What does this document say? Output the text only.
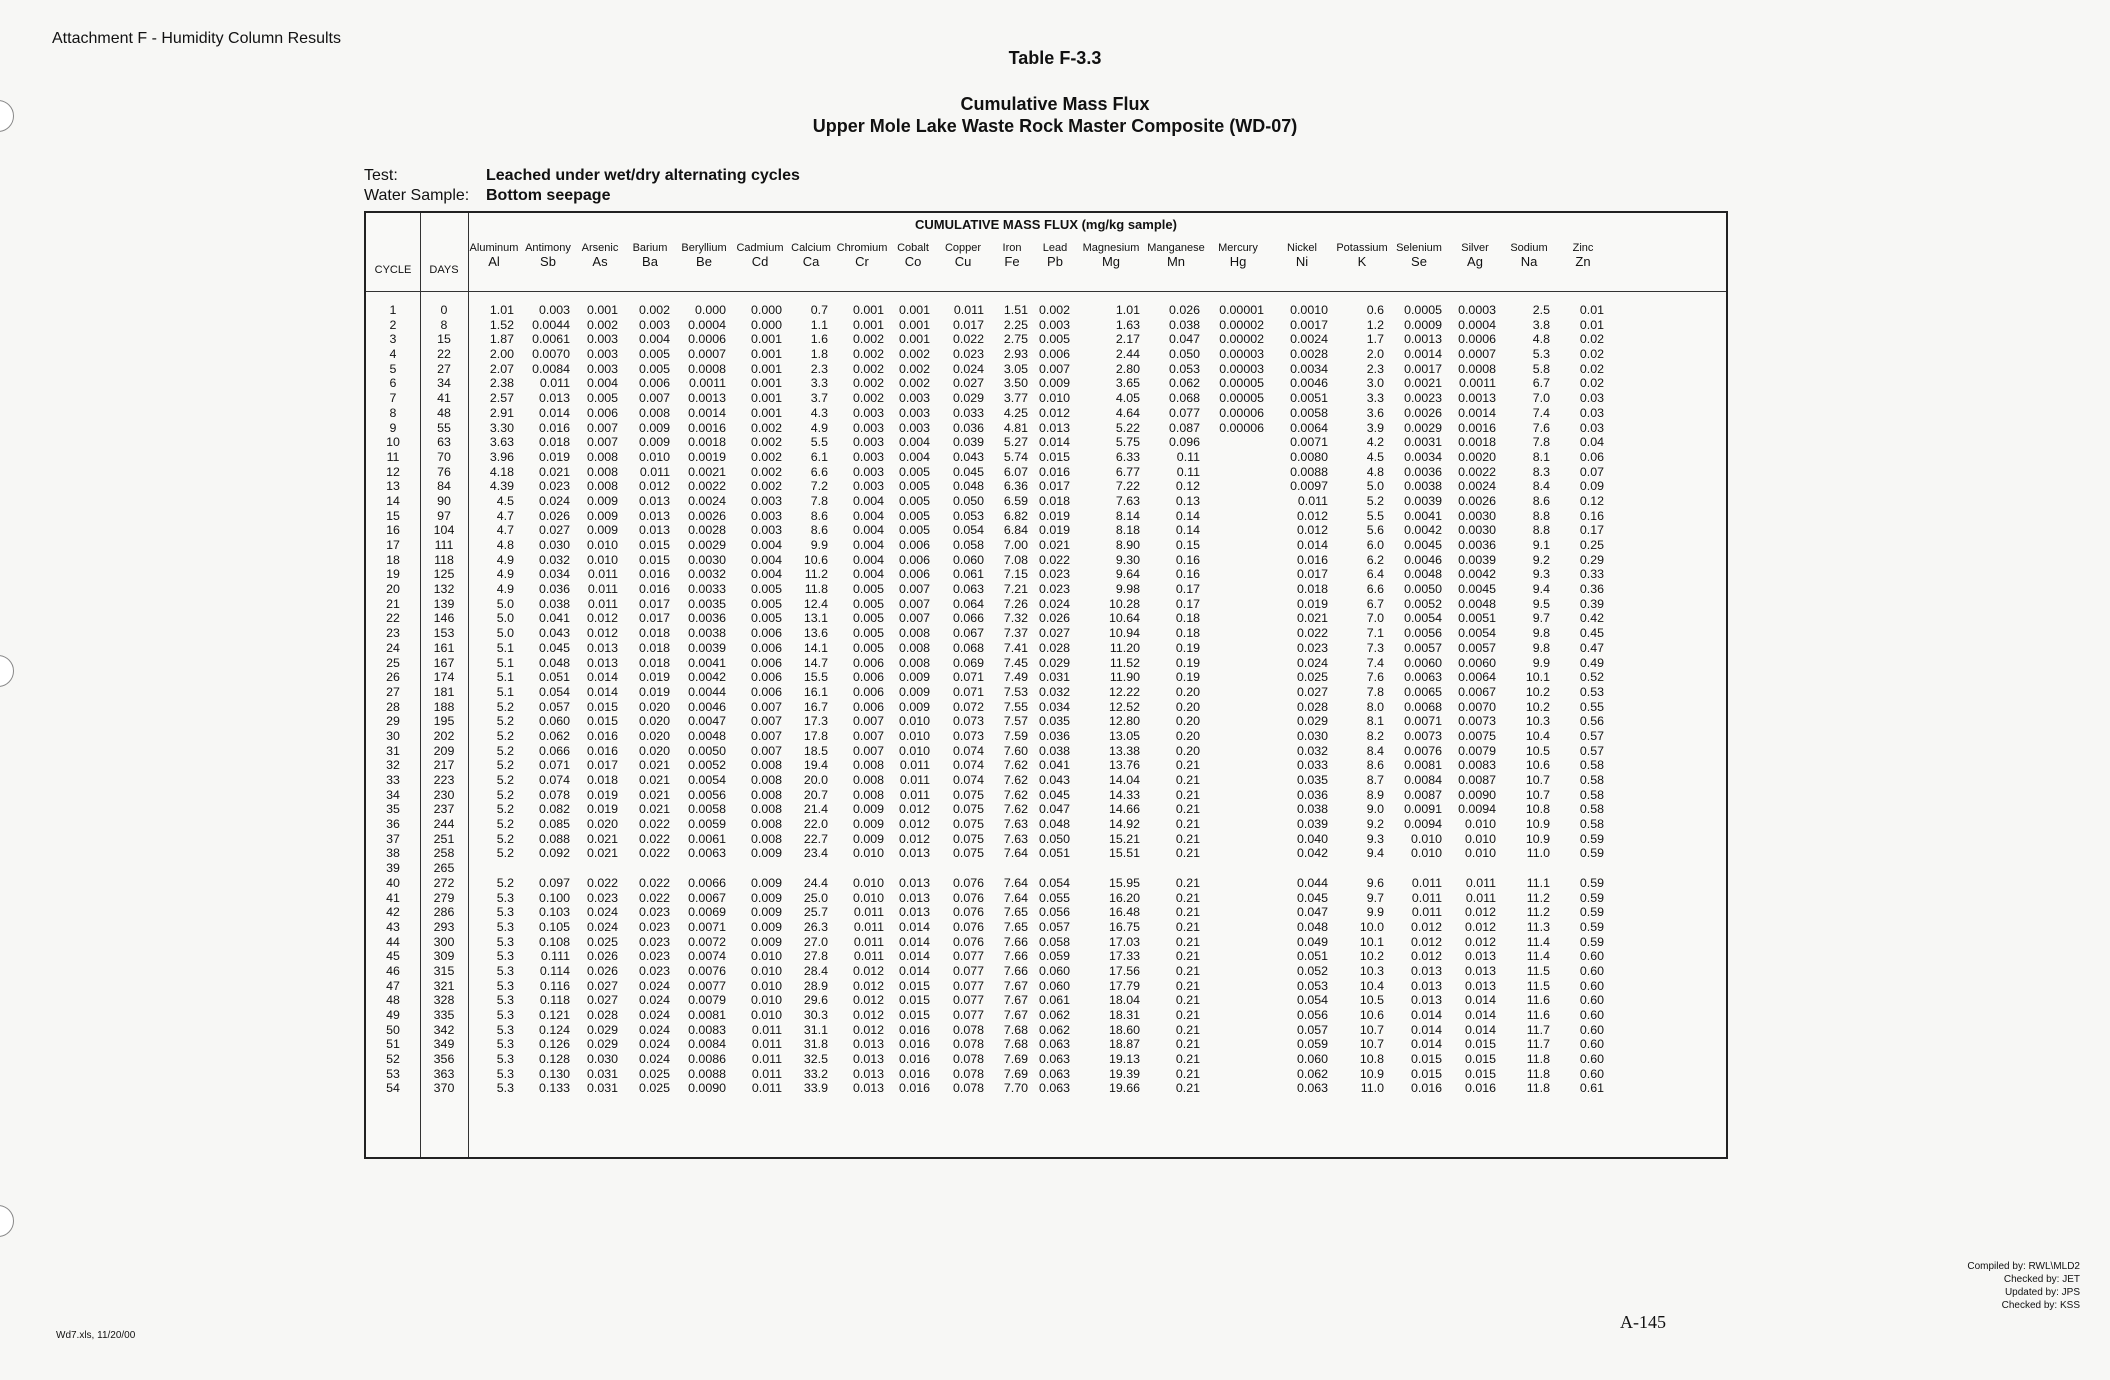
Attachment F - Humidity Column Results
Table F-3.3
Cumulative Mass Flux
Upper Mole Lake Waste Rock Master Composite (WD-07)
Test:	Leached under wet/dry alternating cycles
Water Sample: Bottom seepage
CUMULATIVE MASS FLUX (mg/kg sample)
CYCLE
1
2
3
4
5
6
7
8
9
10
11
12
13
14
15
16
17
18
19
20
21
22
23
24
25
26
27
28
29
30
31
32
33
34
35
36
37
38
39
40
41
42
43
44
45
46
47
48
49
50
51
52
53
54
DAYS
0
8
15
22
27
34
41
48
55
63
70
76
84
90
97
104
111
118
125
132
139
146
153
161
167
174
181
188
195
202
209
217
223
230
237
244
251
258
265
272
279
286
293
300
309
315
321
328
335
342
349
356
363
370
Aluminum
Al
1.01
1.52
1.87
2.00
2.07
2.38
2.57
2.91
3.30
3.63
3.96
4.18
4.39
4.5
4.7
4.7
4.8
4.9
4.9
4.9
5.0
5.0
5.0
5.1
5.1
5.1
5.1
5.2
5.2
5.2
5.2
5.2
5.2
5.2
5.2
5.2
5.2
5.2
5.2
5.3
5.3
5.3
5.3
5.3
5.3
5.3
5.3
5.3
5.3
5.3
5.3
5.3
5.3
Antimony
Sb
0.003
0.0044
0.0061
0.0070
0.0084
0.011
0.013
0.014
0.016
0.018
0.019
0.021
0.023
0.024
0.026
0.027
0.030
0.032
0.034
0.036
0.038
0.041
0.043
0.045
0.048
0.051
0.054
0.057
0.060
0.062
0.066
0.071
0.074
0.078
0.082
0.085
0.088
0.092
0.097
0.100
0.103
0.105
0.108
0.111
0.114
0.116
0.118
0.121
0.124
0.126
0.128
0.130
0.133
Arsenic
As
0.001
0.002
0.003
0.003
0.003
0.004
0.005
0.006
0.007
0.007
0.008
0.008
0.008
0.009
0.009
0.009
0.010
0.010
0.011
0.011
0.011
0.012
0.012
0.013
0.013
0.014
0.014
0.015
0.015
0.016
0.016
0.017
0.018
0.019
0.019
0.020
0.021
0.021
0.022
0.023
0.024
0.024
0.025
0.026
0.026
0.027
0.027
0.028
0.029
0.029
0.030
0.031
0.031
Barium
Ba
0.002
0.003
0.004
0.005
0.005
0.006
0.007
0.008
0.009
0.009
0.010
0.011
0.012
0.013
0.013
0.013
0.015
0.015
0.016
0.016
0.017
0.017
0.018
0.018
0.018
0.019
0.019
0.020
0.020
0.020
0.020
0.021
0.021
0.021
0.021
0.022
0.022
0.022
0.022
0.022
0.023
0.023
0.023
0.023
0.023
0.024
0.024
0.024
0.024
0.024
0.024
0.025
0.025
Beryllium
Be
0.000
0.0004
0.0006
0.0007
0.0008
0.0011
0.0013
0.0014
0.0016
0.0018
0.0019
0.0021
0.0022
0.0024
0.0026
0.0028
0.0029
0.0030
0.0032
0.0033
0.0035
0.0036
0.0038
0.0039
0.0041
0.0042
0.0044
0.0046
0.0047
0.0048
0.0050
0.0052
0.0054
0.0056
0.0058
0.0059
0.0061
0.0063
0.0066
0.0067
0.0069
0.0071
0.0072
0.0074
0.0076
0.0077
0.0079
0.0081
0.0083
0.0084
0.0086
0.0088
0.0090
Cadmium
Cd
0.000
0.000
0.001
0.001
0.001
0.001
0.001
0.001
0.002
0.002
0.002
0.002
0.002
0.003
0.003
0.003
0.004
0.004
0.004
0.005
0.005
0.005
0.006
0.006
0.006
0.006
0.006
0.007
0.007
0.007
0.007
0.008
0.008
0.008
0.008
0.008
0.008
0.009
0.009
0.009
0.009
0.009
0.009
0.010
0.010
0.010
0.010
0.010
0.011
0.011
0.011
0.011
0.011
Calcium
Ca
0.7
1.1
1.6
1.8
2.3
3.3
3.7
4.3
4.9
5.5
6.1
6.6
7.2
7.8
8.6
8.6
9.9
10.6
11.2
11.8
12.4
13.1
13.6
14.1
14.7
15.5
16.1
16.7
17.3
17.8
18.5
19.4
20.0
20.7
21.4
22.0
22.7
23.4
24.4
25.0
25.7
26.3
27.0
27.8
28.4
28.9
29.6
30.3
31.1
31.8
32.5
33.2
33.9
Chromium
Cr
0.001
0.001
0.002
0.002
0.002
0.002
0.002
0.003
0.003
0.003
0.003
0.003
0.003
0.004
0.004
0.004
0.004
0.004
0.004
0.005
0.005
0.005
0.005
0.005
0.006
0.006
0.006
0.006
0.007
0.007
0.007
0.008
0.008
0.008
0.009
0.009
0.009
0.010
0.010
0.010
0.011
0.011
0.011
0.011
0.012
0.012
0.012
0.012
0.012
0.013
0.013
0.013
0.013
Cobalt
Co
0.001
0.001
0.001
0.002
0.002
0.002
0.003
0.003
0.003
0.004
0.004
0.005
0.005
0.005
0.005
0.005
0.006
0.006
0.006
0.007
0.007
0.007
0.008
0.008
0.008
0.009
0.009
0.009
0.010
0.010
0.010
0.011
0.011
0.011
0.012
0.012
0.012
0.013
0.013
0.013
0.013
0.014
0.014
0.014
0.014
0.015
0.015
0.015
0.016
0.016
0.016
0.016
0.016
Copper
Cu
0.011
0.017
0.022
0.023
0.024
0.027
0.029
0.033
0.036
0.039
0.043
0.045
0.048
0.050
0.053
0.054
0.058
0.060
0.061
0.063
0.064
0.066
0.067
0.068
0.069
0.071
0.071
0.072
0.073
0.073
0.074
0.074
0.074
0.075
0.075
0.075
0.075
0.075
0.076
0.076
0.076
0.076
0.076
0.077
0.077
0.077
0.077
0.077
0.078
0.078
0.078
0.078
0.078
Iron
Fe
1.51
2.25
2.75
2.93
3.05
3.50
3.77
4.25
4.81
5.27
5.74
6.07
6.36
6.59
6.82
6.84
7.00
7.08
7.15
7.21
7.26
7.32
7.37
7.41
7.45
7.49
7.53
7.55
7.57
7.59
7.60
7.62
7.62
7.62
7.62
7.63
7.63
7.64
7.64
7.64
7.65
7.65
7.66
7.66
7.66
7.67
7.67
7.67
7.68
7.68
7.69
7.69
7.70
Lead
Pb
0.002
0.003
0.005
0.006
0.007
0.009
0.010
0.012
0.013
0.014
0.015
0.016
0.017
0.018
0.019
0.019
0.021
0.022
0.023
0.023
0.024
0.026
0.027
0.028
0.029
0.031
0.032
0.034
0.035
0.036
0.038
0.041
0.043
0.045
0.047
0.048
0.050
0.051
0.054
0.055
0.056
0.057
0.058
0.059
0.060
0.060
0.061
0.062
0.062
0.063
0.063
0.063
0.063
Magnesium
Mg
1.01
1.63
2.17
2.44
2.80
3.65
4.05
4.64
5.22
5.75
6.33
6.77
7.22
7.63
8.14
8.18
8.90
9.30
9.64
9.98
10.28
10.64
10.94
11.20
11.52
11.90
12.22
12.52
12.80
13.05
13.38
13.76
14.04
14.33
14.66
14.92
15.21
15.51
15.95
16.20
16.48
16.75
17.03
17.33
17.56
17.79
18.04
18.31
18.60
18.87
19.13
19.39
19.66
Manganese
Mn
0.026
0.038
0.047
0.050
0.053
0.062
0.068
0.077
0.087
0.096
0.11
0.11
0.12
0.13
0.14
0.14
0.15
0.16
0.16
0.17
0.17
0.18
0.18
0.19
0.19
0.19
0.20
0.20
0.20
0.20
0.20
0.21
0.21
0.21
0.21
0.21
0.21
0.21
0.21
0.21
0.21
0.21
0.21
0.21
0.21
0.21
0.21
0.21
0.21
0.21
0.21
0.21
0.21
Mercury
Hg
0.00001
0.00002
0.00002
0.00003
0.00003
0.00005
0.00005
0.00006
0.00006
Nickel
Ni
0.0010
0.0017
0.0024
0.0028
0.0034
0.0046
0.0051
0.0058
0.0064
0.0071
0.0080
0.0088
0.0097
0.011
0.012
0.012
0.014
0.016
0.017
0.018
0.019
0.021
0.022
0.023
0.024
0.025
0.027
0.028
0.029
0.030
0.032
0.033
0.035
0.036
0.038
0.039
0.040
0.042
0.044
0.045
0.047
0.048
0.049
0.051
0.052
0.053
0.054
0.056
0.057
0.059
0.060
0.062
0.063
Potassium
K
0.6
1.2
1.7
2.0
2.3
3.0
3.3
3.6
3.9
4.2
4.5
4.8
5.0
5.2
5.5
5.6
6.0
6.2
6.4
6.6
6.7
7.0
7.1
7.3
7.4
7.6
7.8
8.0
8.1
8.2
8.4
8.6
8.7
8.9
9.0
9.2
9.3
9.4
9.6
9.7
9.9
10.0
10.1
10.2
10.3
10.4
10.5
10.6
10.7
10.7
10.8
10.9
11.0
Selenium
Se
0.0005
0.0009
0.0013
0.0014
0.0017
0.0021
0.0023
0.0026
0.0029
0.0031
0.0034
0.0036
0.0038
0.0039
0.0041
0.0042
0.0045
0.0046
0.0048
0.0050
0.0052
0.0054
0.0056
0.0057
0.0060
0.0063
0.0065
0.0068
0.0071
0.0073
0.0076
0.0081
0.0084
0.0087
0.0091
0.0094
0.010
0.010
0.011
0.011
0.011
0.012
0.012
0.012
0.013
0.013
0.013
0.014
0.014
0.014
0.015
0.015
0.016
Silver
Ag
0.0003
0.0004
0.0006
0.0007
0.0008
0.0011
0.0013
0.0014
0.0016
0.0018
0.0020
0.0022
0.0024
0.0026
0.0030
0.0030
0.0036
0.0039
0.0042
0.0045
0.0048
0.0051
0.0054
0.0057
0.0060
0.0064
0.0067
0.0070
0.0073
0.0075
0.0079
0.0083
0.0087
0.0090
0.0094
0.010
0.010
0.010
0.011
0.011
0.012
0.012
0.012
0.013
0.013
0.013
0.014
0.014
0.014
0.015
0.015
0.015
0.016
Sodium
Na
2.5
3.8
4.8
5.3
5.8
6.7
7.0
7.4
7.6
7.8
8.1
8.3
8.4
8.6
8.8
8.8
9.1
9.2
9.3
9.4
9.5
9.7
9.8
9.8
9.9
10.1
10.2
10.2
10.3
10.4
10.5
10.6
10.7
10.7
10.8
10.9
10.9
11.0
11.1
11.2
11.2
11.3
11.4
11.4
11.5
11.5
11.6
11.6
11.7
11.7
11.8
11.8
11.8
Zinc
Zn
0.01
0.01
0.02
0.02
0.02
0.02
0.03
0.03
0.03
0.04
0.06
0.07
0.09
0.12
0.16
0.17
0.25
0.29
0.33
0.36
0.39
0.42
0.45
0.47
0.49
0.52
0.53
0.55
0.56
0.57
0.57
0.58
0.58
0.58
0.58
0.58
0.59
0.59
0.59
0.59
0.59
0.59
0.59
0.60
0.60
0.60
0.60
0.60
0.60
0.60
0.60
0.60
0.61
Wd7.xls, 11/20/00
A-145
Compiled by: RWL\MLD2
Checked by: JET
Updated by: JPS
Checked by: KSS
